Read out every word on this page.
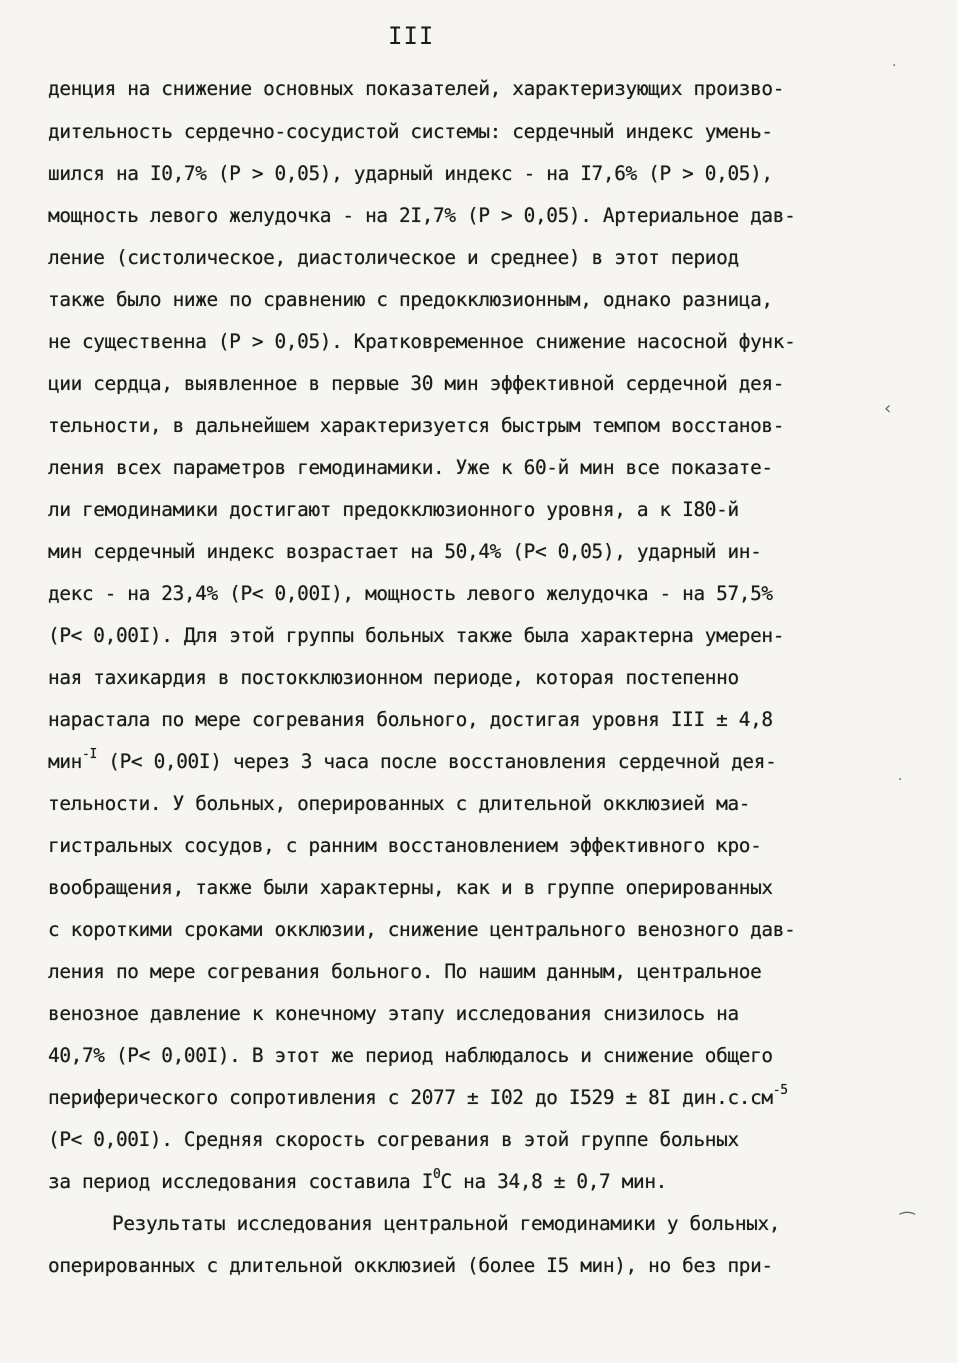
III
денция на снижение основных показателей, характеризующих произво-
дительность сердечно-сосудистой системы: сердечный индекс умень-
шился на I0,7% (P > 0,05), ударный индекс - на I7,6% (P > 0,05),
мощность левого желудочка - на 2I,7% (P > 0,05). Артериальное дав-
ление (систолическое, диастолическое и среднее) в этот период
также было ниже по сравнению с предокклюзионным, однако разница,
не существенна (P > 0,05). Кратковременное снижение насосной функ-
ции сердца, выявленное в первые 30 мин эффективной сердечной дея-
тельности, в дальнейшем характеризуется быстрым темпом восстанов-
ления всех параметров гемодинамики. Уже к 60-й мин все показате-
ли гемодинамики достигают предокклюзионного уровня, а к I80-й
мин сердечный индекс возрастает на 50,4% (P< 0,05), ударный ин-
декс - на 23,4% (P< 0,00I), мощность левого желудочка - на 57,5%
(P< 0,00I). Для этой группы больных также была характерна умерен-
ная тахикардия в постокклюзионном периоде, которая постепенно
нарастала по мере согревания больного, достигая уровня III ± 4,8
мин$^{-I}$ (P< 0,00I) через 3 часа после восстановления сердечной дея-
тельности. У больных, оперированных с длительной окклюзией ма-
гистральных сосудов, с ранним восстановлением эффективного кро-
вообращения, также были характерны, как и в группе оперированных
с короткими сроками окклюзии, снижение центрального венозного дав-
ления по мере согревания больного. По нашим данным, центральное
венозное давление к конечному этапу исследования снизилось на
40,7% (P< 0,00I). В этот же период наблюдалось и снижение общего
периферического сопротивления с 2077 ± I02 до I529 ± 8I $дин.с.см^{-5}$
(P< 0,00I). Средняя скорость согревания в этой группе больных
за период исследования составила $I^0C$ на 34,8 ± 0,7 мин.
Результаты исследования центральной гемодинамики у больных,
оперированных с длительной окклюзией (более I5 мин), но без при-
·
‹
·
⁀
